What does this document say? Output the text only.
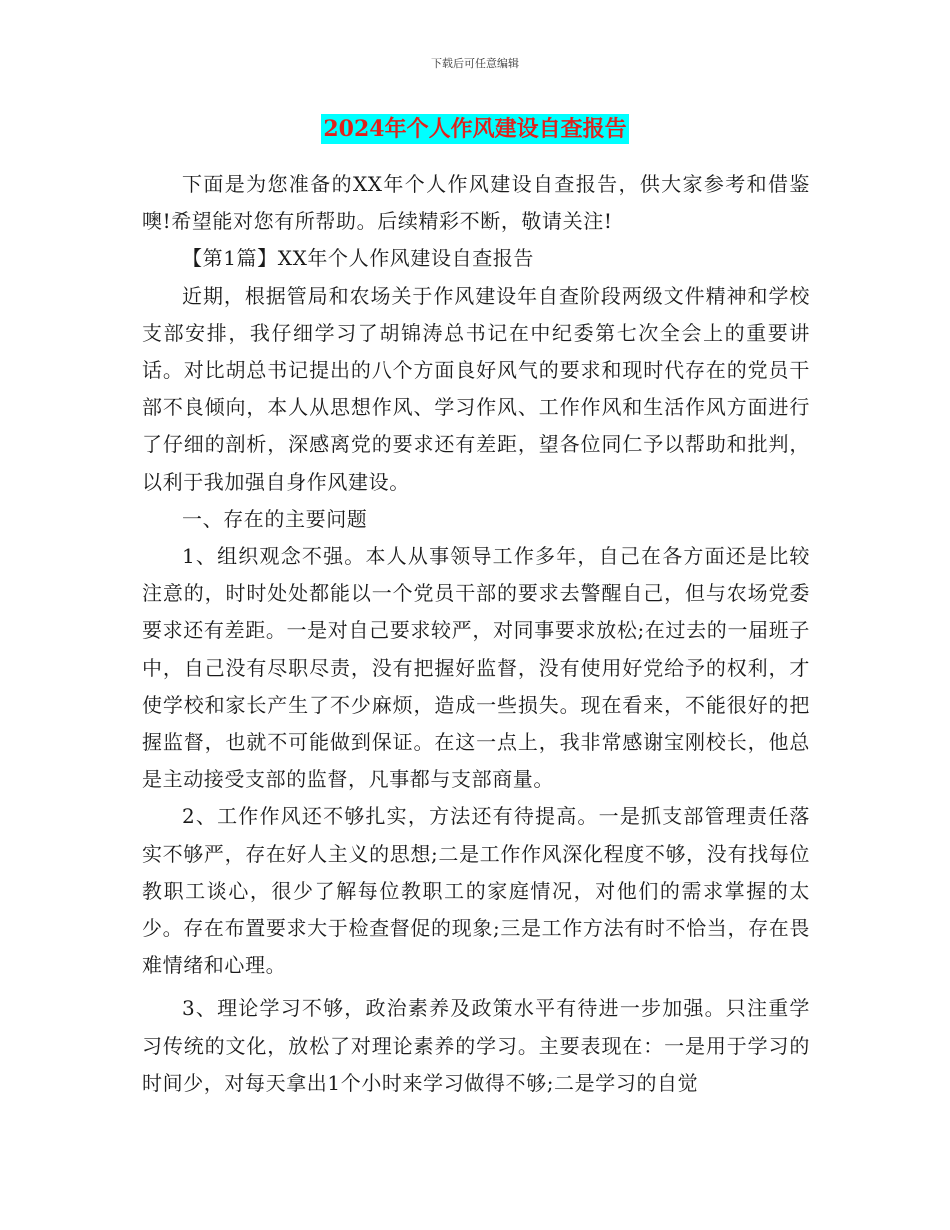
下载后可任意编辑
2024年个人作风建设自查报告

下面是为您准备的XX年个人作风建设自查报告，供大家参考和借鉴噢!希望能对您有所帮助。后续精彩不断，敬请关注!

【第1篇】XX年个人作风建设自查报告

近期，根据管局和农场关于作风建设年自查阶段两级文件精神和学校支部安排，我仔细学习了胡锦涛总书记在中纪委第七次全会上的重要讲话。对比胡总书记提出的八个方面良好风气的要求和现时代存在的党员干部不良倾向，本人从思想作风、学习作风、工作作风和生活作风方面进行了仔细的剖析，深感离党的要求还有差距，望各位同仁予以帮助和批判，以利于我加强自身作风建设。

一、存在的主要问题

1、组织观念不强。本人从事领导工作多年，自己在各方面还是比较注意的，时时处处都能以一个党员干部的要求去警醒自己，但与农场党委要求还有差距。一是对自己要求较严，对同事要求放松;在过去的一届班子中，自己没有尽职尽责，没有把握好监督，没有使用好党给予的权利，才使学校和家长产生了不少麻烦，造成一些损失。现在看来，不能很好的把握监督，也就不可能做到保证。在这一点上，我非常感谢宝刚校长，他总是主动接受支部的监督，凡事都与支部商量。

2、工作作风还不够扎实，方法还有待提高。一是抓支部管理责任落实不够严，存在好人主义的思想;二是工作作风深化程度不够，没有找每位教职工谈心，很少了解每位教职工的家庭情况，对他们的需求掌握的太少。存在布置要求大于检查督促的现象;三是工作方法有时不恰当，存在畏难情绪和心理。

3、理论学习不够，政治素养及政策水平有待进一步加强。只注重学习传统的文化，放松了对理论素养的学习。主要表现在：一是用于学习的时间少，对每天拿出1个小时来学习做得不够;二是学习的自觉
